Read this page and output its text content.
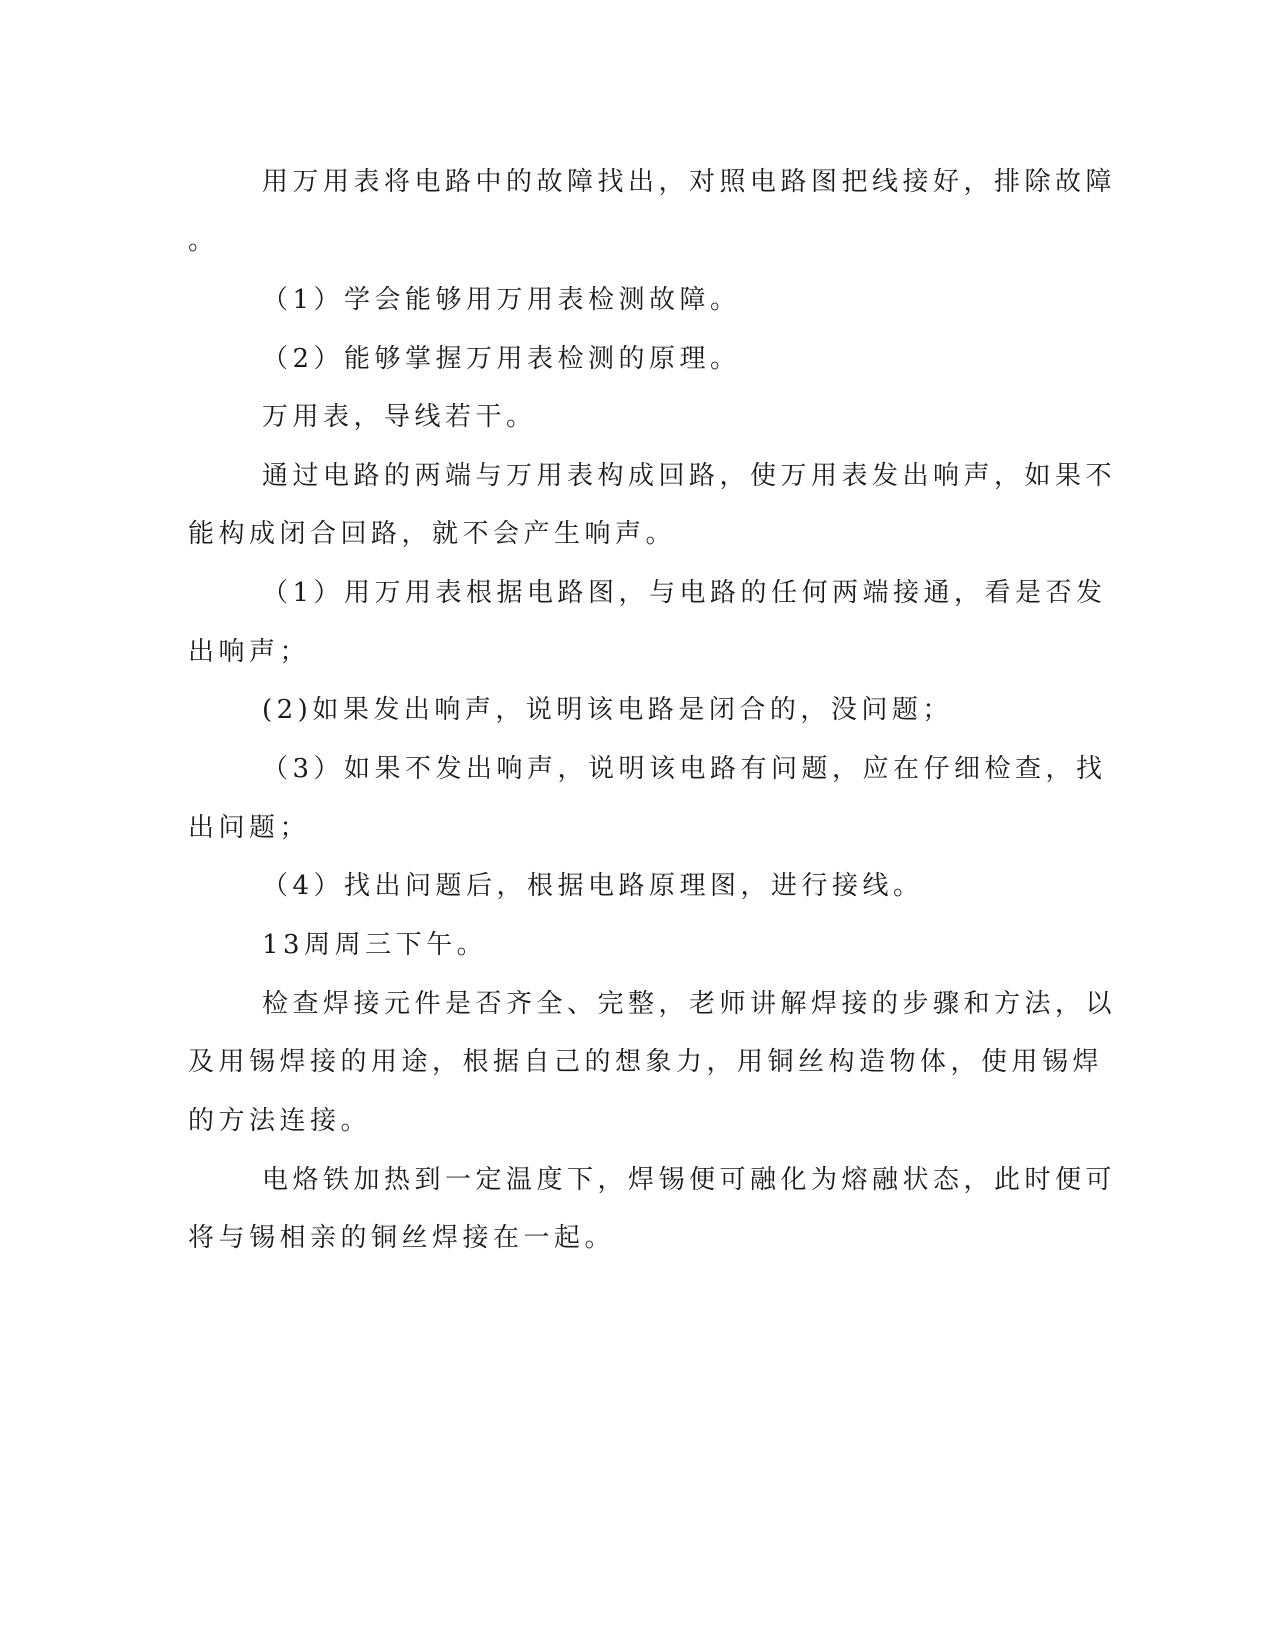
用万用表将电路中的故障找出，对照电路图把线接好，排除故障
。
（1）学会能够用万用表检测故障。
（2）能够掌握万用表检测的原理。
万用表，导线若干。
通过电路的两端与万用表构成回路，使万用表发出响声，如果不
能构成闭合回路，就不会产生响声。
（1）用万用表根据电路图，与电路的任何两端接通，看是否发
出响声；
(2)如果发出响声，说明该电路是闭合的，没问题；
（3）如果不发出响声，说明该电路有问题，应在仔细检查，找
出问题；
（4）找出问题后，根据电路原理图，进行接线。
13周周三下午。
检查焊接元件是否齐全、完整，老师讲解焊接的步骤和方法，以
及用锡焊接的用途，根据自己的想象力，用铜丝构造物体，使用锡焊
的方法连接。
电烙铁加热到一定温度下，焊锡便可融化为熔融状态，此时便可
将与锡相亲的铜丝焊接在一起。
